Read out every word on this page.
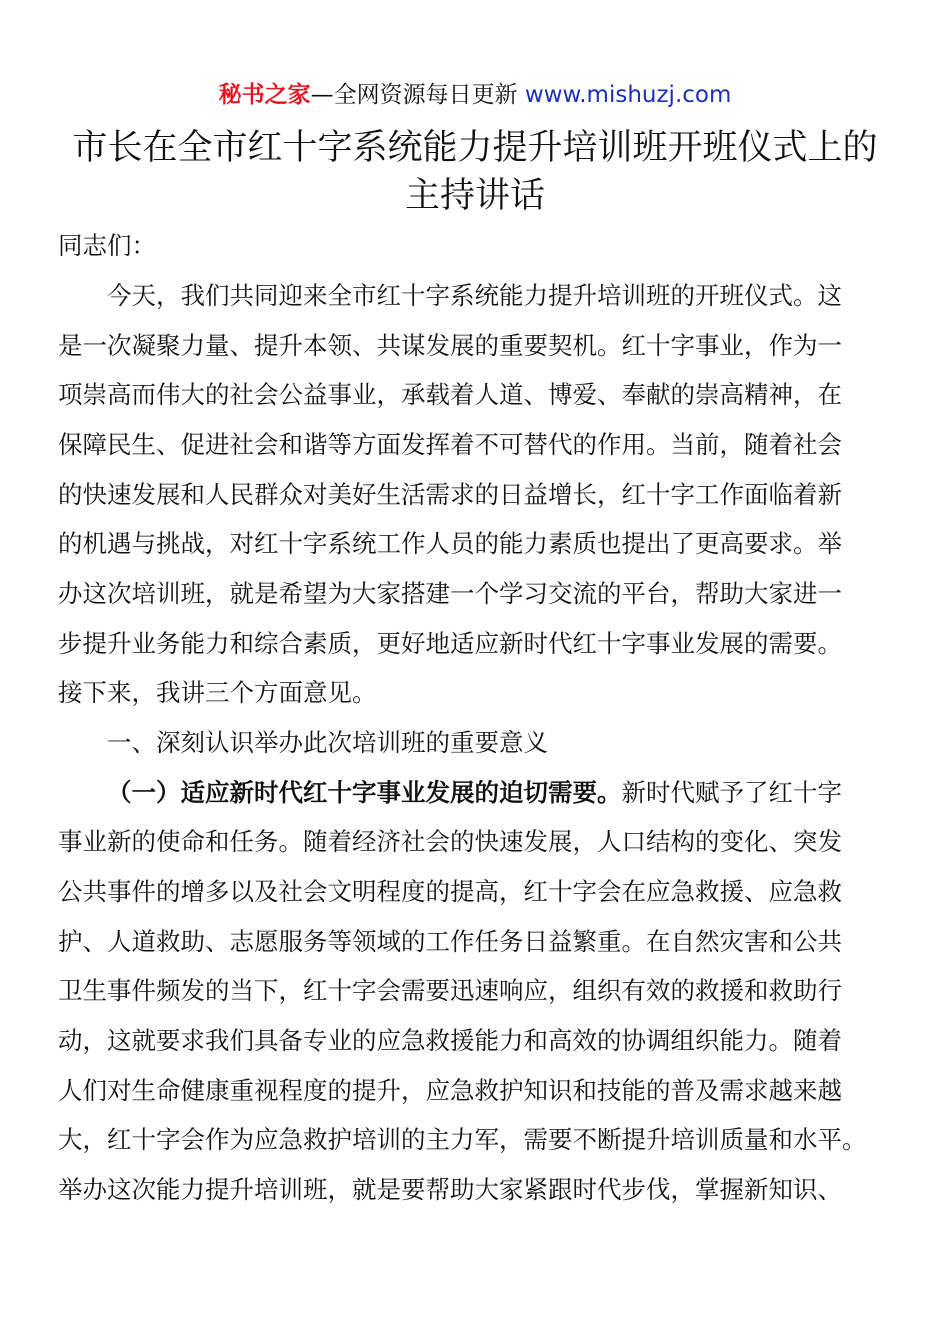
秘书之家—全网资源每日更新 www.mishuzj.com
市长在全市红十字系统能力提升培训班开班仪式上的
主持讲话
同志们：
今天，我们共同迎来全市红十字系统能力提升培训班的开班仪式。这
是一次凝聚力量、提升本领、共谋发展的重要契机。红十字事业，作为一
项崇高而伟大的社会公益事业，承载着人道、博爱、奉献的崇高精神，在
保障民生、促进社会和谐等方面发挥着不可替代的作用。当前，随着社会
的快速发展和人民群众对美好生活需求的日益增长，红十字工作面临着新
的机遇与挑战，对红十字系统工作人员的能力素质也提出了更高要求。举
办这次培训班，就是希望为大家搭建一个学习交流的平台，帮助大家进一
步提升业务能力和综合素质，更好地适应新时代红十字事业发展的需要。
接下来，我讲三个方面意见。
一、深刻认识举办此次培训班的重要意义
（一）适应新时代红十字事业发展的迫切需要。新时代赋予了红十字
事业新的使命和任务。随着经济社会的快速发展，人口结构的变化、突发
公共事件的增多以及社会文明程度的提高，红十字会在应急救援、应急救
护、人道救助、志愿服务等领域的工作任务日益繁重。在自然灾害和公共
卫生事件频发的当下，红十字会需要迅速响应，组织有效的救援和救助行
动，这就要求我们具备专业的应急救援能力和高效的协调组织能力。随着
人们对生命健康重视程度的提升，应急救护知识和技能的普及需求越来越
大，红十字会作为应急救护培训的主力军，需要不断提升培训质量和水平。
举办这次能力提升培训班，就是要帮助大家紧跟时代步伐，掌握新知识、
